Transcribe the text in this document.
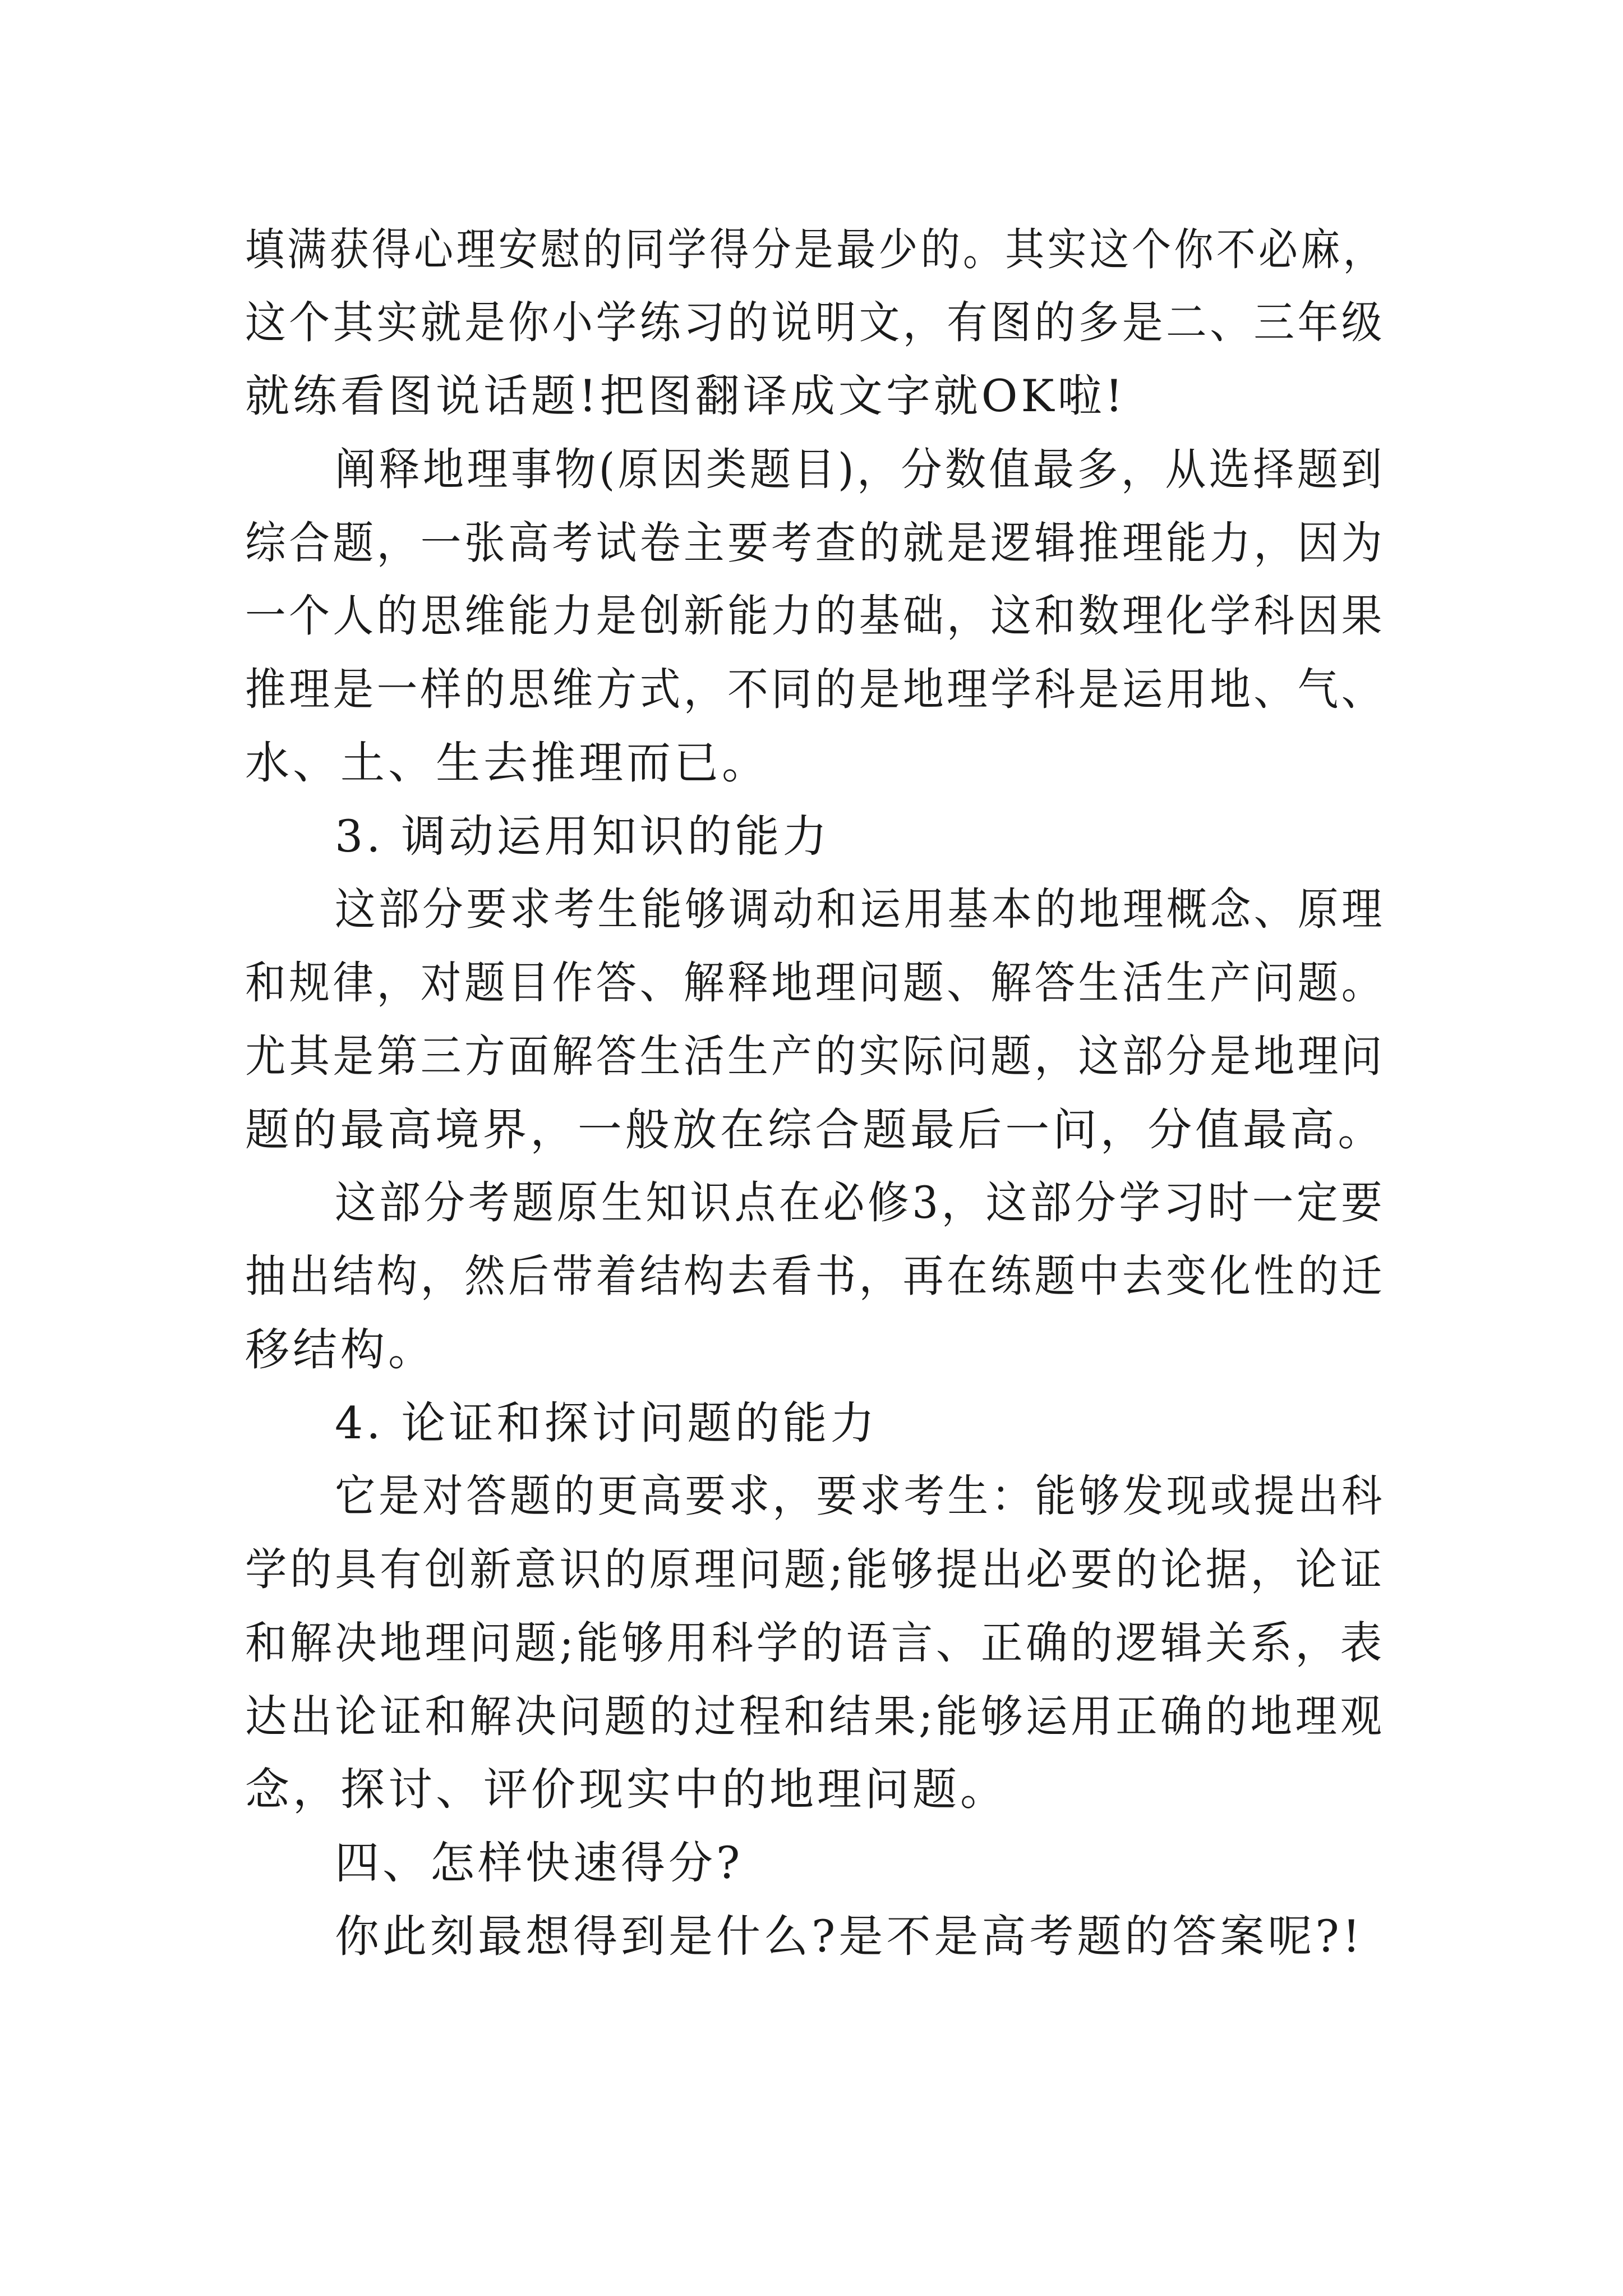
填满获得心理安慰的同学得分是最少的。其实这个你不必麻，
这个其实就是你小学练习的说明文，有图的多是二、三年级
就练看图说话题!把图翻译成文字就OK啦!
阐释地理事物(原因类题目)，分数值最多，从选择题到
综合题，一张高考试卷主要考查的就是逻辑推理能力，因为
一个人的思维能力是创新能力的基础，这和数理化学科因果
推理是一样的思维方式，不同的是地理学科是运用地、气、
水、土、生去推理而已。
3. 调动运用知识的能力
这部分要求考生能够调动和运用基本的地理概念、原理
和规律，对题目作答、解释地理问题、解答生活生产问题。
尤其是第三方面解答生活生产的实际问题，这部分是地理问
题的最高境界，一般放在综合题最后一问，分值最高。
这部分考题原生知识点在必修3，这部分学习时一定要
抽出结构，然后带着结构去看书，再在练题中去变化性的迁
移结构。
4. 论证和探讨问题的能力
它是对答题的更高要求，要求考生：能够发现或提出科
学的具有创新意识的原理问题;能够提出必要的论据，论证
和解决地理问题;能够用科学的语言、正确的逻辑关系，表
达出论证和解决问题的过程和结果;能够运用正确的地理观
念，探讨、评价现实中的地理问题。
四、怎样快速得分?
你此刻最想得到是什么?是不是高考题的答案呢?!
